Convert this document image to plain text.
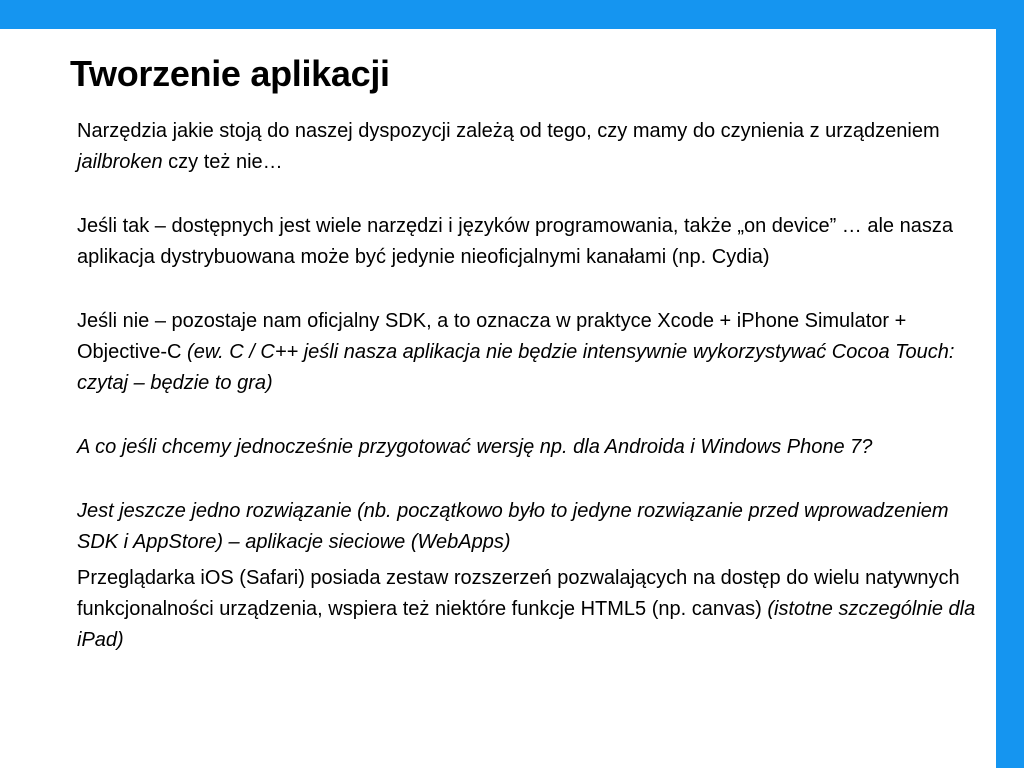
Tworzenie aplikacji

Narzędzia jakie stoją do naszej dyspozycji zależą od tego, czy mamy do czynienia z urządzeniem jailbroken czy też nie…

Jeśli tak – dostępnych jest wiele narzędzi i języków programowania, także „on device” … ale nasza aplikacja dystrybuowana może być jedynie nieoficjalnymi kanałami (np. Cydia)

Jeśli nie – pozostaje nam oficjalny SDK, a to oznacza w praktyce Xcode + iPhone Simulator + Objective-C (ew. C / C++ jeśli nasza aplikacja nie będzie intensywnie wykorzystywać Cocoa Touch: czytaj – będzie to gra)

A co jeśli chcemy jednocześnie przygotować wersję np. dla Androida i Windows Phone 7?

Jest jeszcze jedno rozwiązanie (nb. początkowo było to jedyne rozwiązanie przed wprowadzeniem SDK i AppStore) – aplikacje sieciowe (WebApps)

Przeglądarka iOS (Safari) posiada zestaw rozszerzeń pozwalających na dostęp do wielu natywnych funkcjonalności urządzenia, wspiera też niektóre funkcje HTML5 (np. canvas) (istotne szczególnie dla iPad)
